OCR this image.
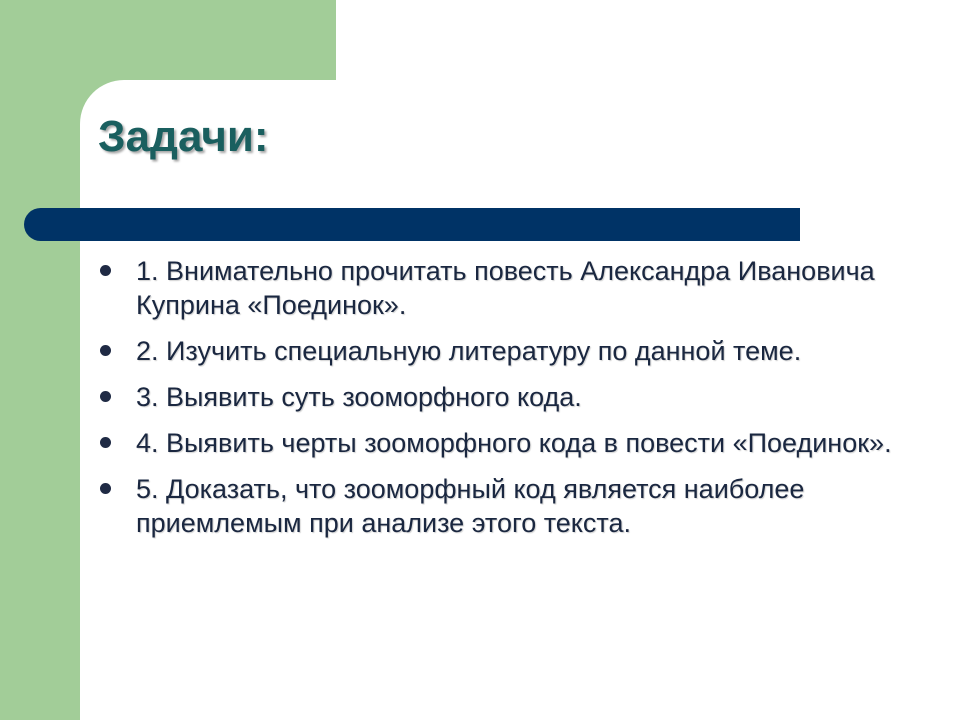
Задачи:
1. Внимательно прочитать повесть Александра Ивановича Куприна «Поединок».
2. Изучить специальную литературу по данной теме.
3. Выявить суть зооморфного кода.
4. Выявить черты зооморфного кода в повести «Поединок».
5. Доказать, что зооморфный код является наиболее приемлемым при анализе этого текста.
